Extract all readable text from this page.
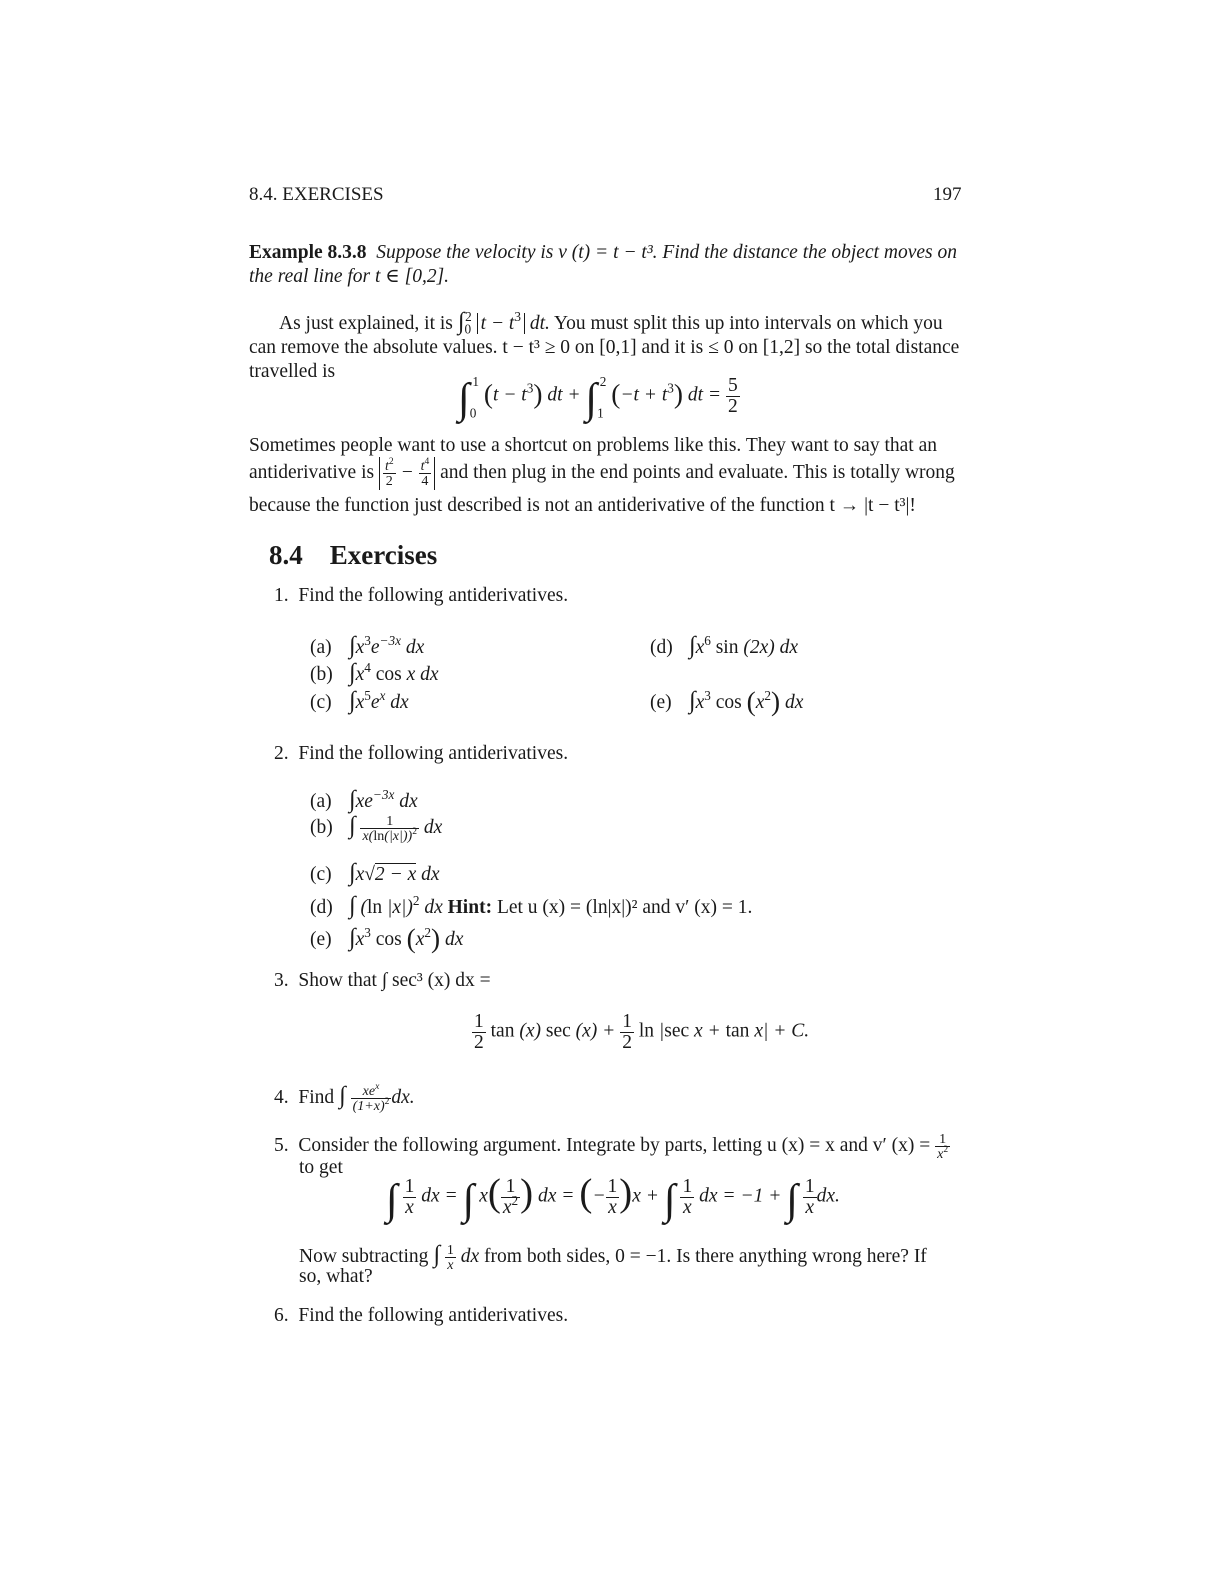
8.4. EXERCISES	197
Example 8.3.8 Suppose the velocity is v (t) = t − t³. Find the distance the object moves on
the real line for t ∈ [0,2].
As just explained, it is $\int_0^2$ $t - t^3$ dt. You must split this up into intervals on which you
can remove the absolute values. t − t³ ≥ 0 on [0,1] and it is ≤ 0 on [1,2] so the total distance
travelled is
$\int_0^1$ $(t - t^3)$ dt + $\int_1^2$ $(-t + t^3)$ dt = $\frac{5}{2}$
Sometimes people want to use a shortcut on problems like this. They want to say that an
antiderivative is $\frac{t^2}{2} - \frac{t^4}{4}$ and then plug in the end points and evaluate. This is totally wrong
because the function just described is not an antiderivative of the function t → |t − t³|!
8.4 Exercises
1. Find the following antiderivatives.
(a) $\int x^3e^{-3x}$ dx
(b) $\int x^4$ cos x dx
(c) $\int x^5e^x$ dx
(d) $\int x^6$ sin (2x) dx
(e) $\int x^3$ $\cos (x^2)$ dx
2. Find the following antiderivatives.
(a) $\int xe^{-3x}$ dx
(b) ∫ $\frac{1}{x(\ln(|x|))^2}$ dx
(c) ∫x√2 − x dx
(d) ∫ (ln |x|)$^2$ dx Hint: Let u (x) = (ln|x|)² and v′ (x) = 1.
(e) $\int x^3$ $\cos (x^2)$ dx
3. Show that ∫ sec³ (x) dx =
$\frac{1}{2}$ tan (x) $\sec (x) + \frac{1}{2}$ ln |sec x + tan x| + C.
4. Find ∫ $\frac{xe^x}{(1+x)^2}$ dx.
5. Consider the following argument. Integrate by parts, letting u (x) = x and v′ $(x) = \frac{1}{x^2}$
to get
∫ $\frac{1}{x}$ dx = ∫ $x( \frac{1}{x^2}$ ) dx = (− $\frac{1}{x} )x$ + ∫ $\frac{1}{x}$ dx = −1 + ∫ $\frac{1}{x}$ dx.
Now subtracting ∫ $\frac{1}{x}$ dx from both sides, 0 = −1. Is there anything wrong here? If
so, what?
6. Find the following antiderivatives.
